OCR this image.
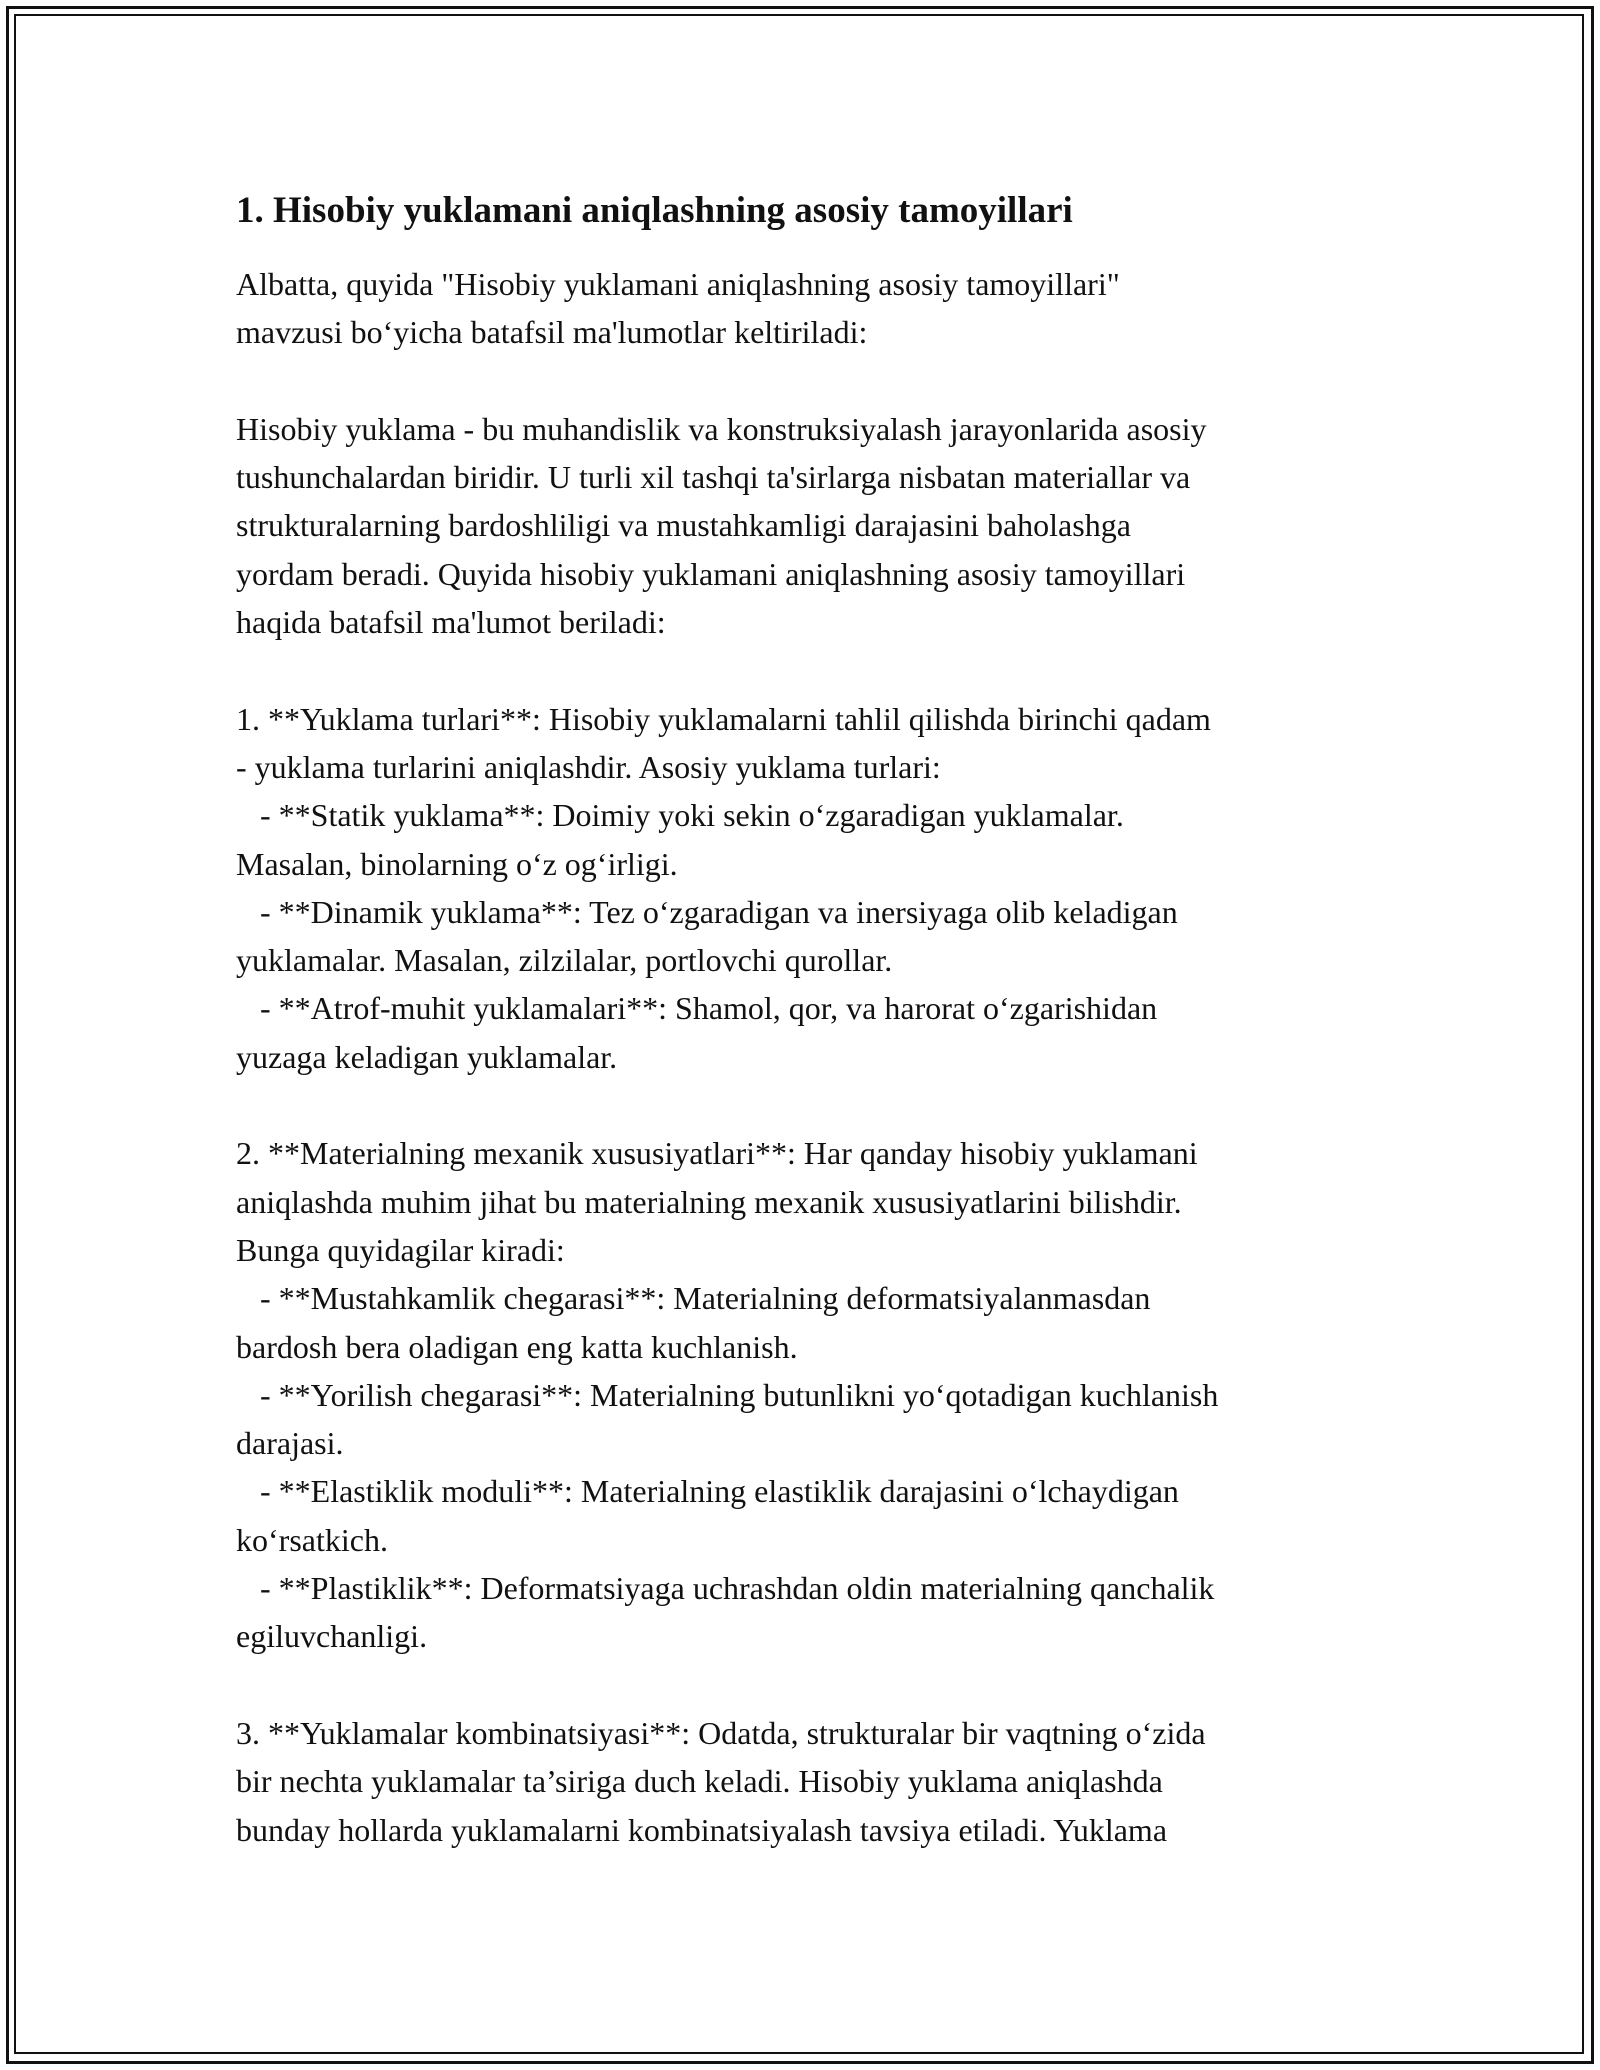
1. Hisobiy yuklamani aniqlashning asosiy tamoyillari
Albatta, quyida "Hisobiy yuklamani aniqlashning asosiy tamoyillari"
mavzusi bo‘yicha batafsil ma'lumotlar keltiriladi:
Hisobiy yuklama - bu muhandislik va konstruksiyalash jarayonlarida asosiy
tushunchalardan biridir. U turli xil tashqi ta'sirlarga nisbatan materiallar va
strukturalarning bardoshliligi va mustahkamligi darajasini baholashga
yordam beradi. Quyida hisobiy yuklamani aniqlashning asosiy tamoyillari
haqida batafsil ma'lumot beriladi:
1. **Yuklama turlari**: Hisobiy yuklamalarni tahlil qilishda birinchi qadam
- yuklama turlarini aniqlashdir. Asosiy yuklama turlari:
- **Statik yuklama**: Doimiy yoki sekin o‘zgaradigan yuklamalar.
Masalan, binolarning o‘z og‘irligi.
- **Dinamik yuklama**: Tez o‘zgaradigan va inersiyaga olib keladigan
yuklamalar. Masalan, zilzilalar, portlovchi qurollar.
- **Atrof-muhit yuklamalari**: Shamol, qor, va harorat o‘zgarishidan
yuzaga keladigan yuklamalar.
2. **Materialning mexanik xususiyatlari**: Har qanday hisobiy yuklamani
aniqlashda muhim jihat bu materialning mexanik xususiyatlarini bilishdir.
Bunga quyidagilar kiradi:
- **Mustahkamlik chegarasi**: Materialning deformatsiyalanmasdan
bardosh bera oladigan eng katta kuchlanish.
- **Yorilish chegarasi**: Materialning butunlikni yo‘qotadigan kuchlanish
darajasi.
- **Elastiklik moduli**: Materialning elastiklik darajasini o‘lchaydigan
ko‘rsatkich.
- **Plastiklik**: Deformatsiyaga uchrashdan oldin materialning qanchalik
egiluvchanligi.
3. **Yuklamalar kombinatsiyasi**: Odatda, strukturalar bir vaqtning o‘zida
bir nechta yuklamalar ta’siriga duch keladi. Hisobiy yuklama aniqlashda
bunday hollarda yuklamalarni kombinatsiyalash tavsiya etiladi. Yuklama
